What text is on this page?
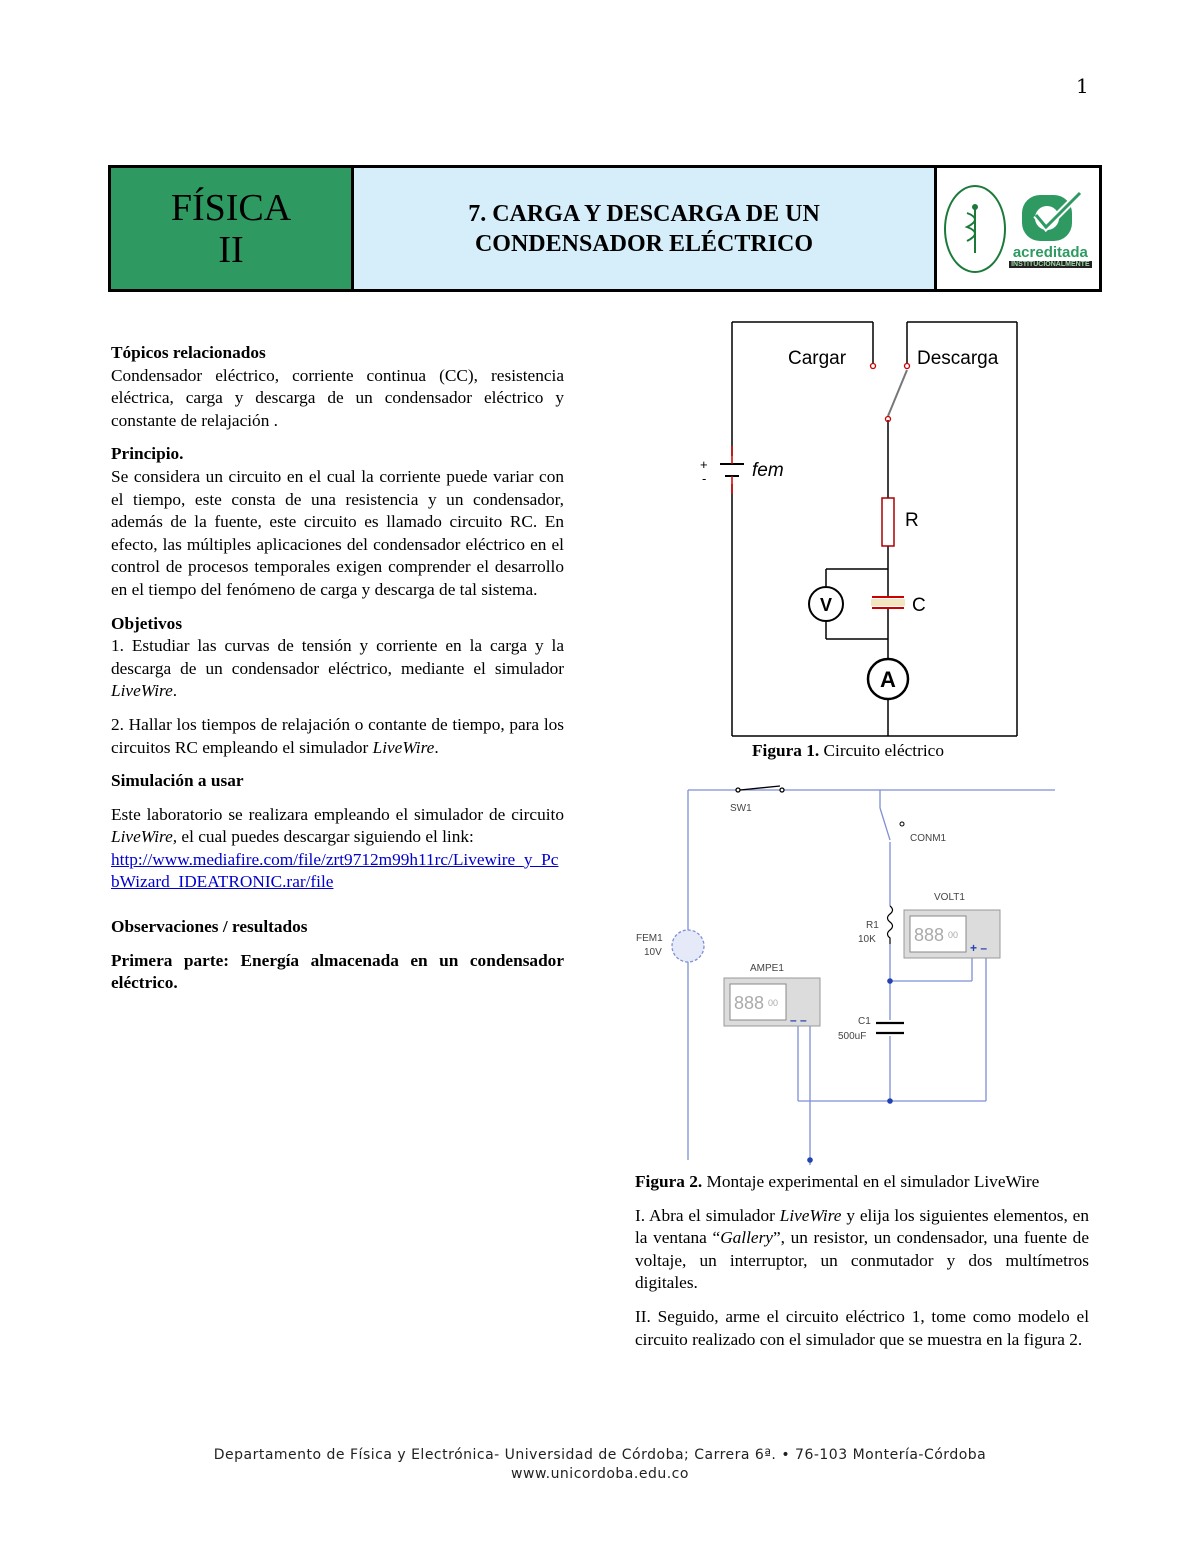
1
FÍSICA
II
7. CARGA Y DESCARGA DE UN
CONDENSADOR ELÉCTRICO	acreditada
INSTITUCIONALMENTE
Tópicos relacionados

Condensador eléctrico, corriente continua (CC), resistencia eléctrica, carga y descarga de un condensador eléctrico y constante de relajación .

Principio.

Se considera un circuito en el cual la corriente puede variar con el tiempo, este consta de una resistencia y un condensador, además de la fuente, este circuito es llamado circuito RC. En efecto, las múltiples aplicaciones del condensador eléctrico en el control de procesos temporales exigen comprender el desarrollo en el tiempo del fenómeno de carga y descarga de tal sistema.

Objetivos

1. Estudiar las curvas de tensión y corriente en la carga y la descarga de un condensador eléctrico, mediante el simulador LiveWire.

2. Hallar los tiempos de relajación o contante de tiempo, para los circuitos RC empleando el simulador LiveWire.

Simulación a usar

Este laboratorio se realizara empleando el simulador de circuito LiveWire, el cual puedes descargar siguiendo el link:
http://www.mediafire.com/file/zrt9712m99h11rc/Livewire_y_PcbWizard_IDEATRONIC.rar/file

Observaciones / resultados

Primera parte: Energía almacenada en un condensador eléctrico.

+
- fem
R
C
V
A
Cargar	Descarga
Figura 1. Circuito eléctrico
SW1
CONM1
R1
10K
C1
500uF
FEM1
10V
VOLT1
888 00
+ –
AMPE1
888 00
– –

Figura 2. Montaje experimental en el simulador LiveWire

I. Abra el simulador LiveWire y elija los siguientes elementos, en la ventana “Gallery”, un resistor, un condensador, una fuente de voltaje, un interruptor, un conmutador y dos multímetros digitales.

II. Seguido, arme el circuito eléctrico 1, tome como modelo el circuito realizado con el simulador que se muestra en la figura 2.

Departamento de Física y Electrónica- Universidad de Córdoba; Carrera 6ª. • 76-103 Montería-Córdoba
www.unicordoba.edu.co
